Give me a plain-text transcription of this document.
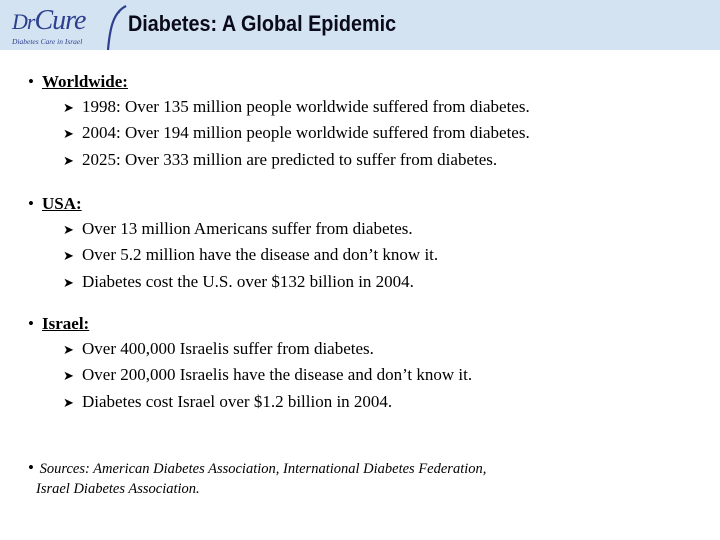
DrCure
Diabetes Care in Israel
Diabetes: A Global Epidemic
• Worldwide:
➤ 1998: Over 135 million people worldwide suffered from diabetes.
➤ 2004: Over 194 million people worldwide suffered from diabetes.
➤ 2025: Over 333 million are predicted to suffer from diabetes.
• USA:
➤ Over 13 million Americans suffer from diabetes.
➤ Over 5.2 million have the disease and don’t know it.
➤ Diabetes cost the U.S. over $132 billion in 2004.
• Israel:
➤ Over 400,000 Israelis suffer from diabetes.
➤ Over 200,000 Israelis have the disease and don’t know it.
➤ Diabetes cost Israel over $1.2 billion in 2004.
• Sources: American Diabetes Association, International Diabetes Federation,
Israel Diabetes Association.
